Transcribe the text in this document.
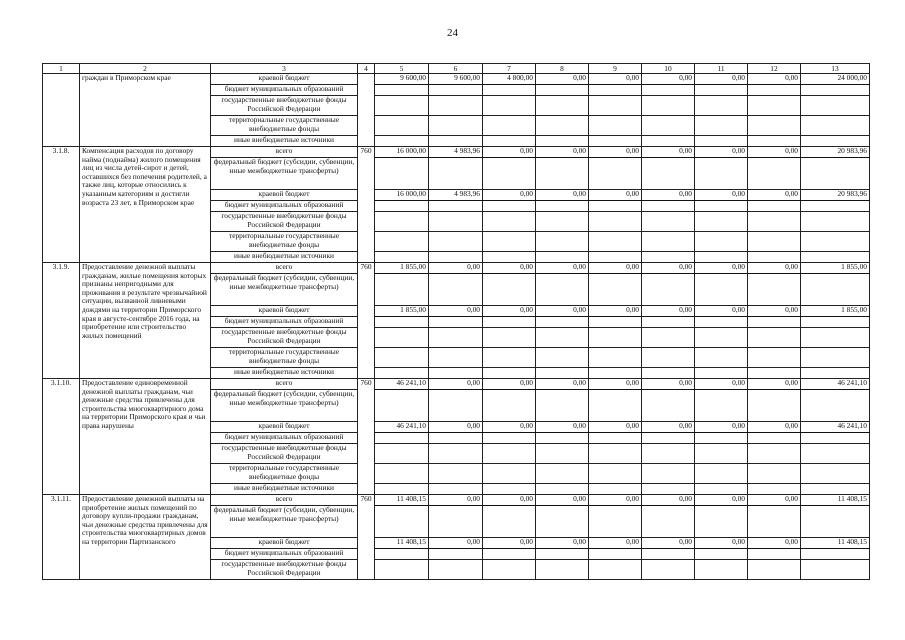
24
1	2	3	4	5	6	7	8	9	10	11	12	13
	граждан в Приморском крае	краевой бюджет		9 600,00	9 600,00	4 800,00	0,00	0,00	0,00	0,00	0,00	24 000,00
		бюджет муниципальных образований										
		государственные внебюджетные фонды Российской Федерации										
		территориальные государственные внебюджетные фонды										
		иные внебюджетные источники										
3.1.8.	Компенсация расходов по договору найма (поднайма) жилого помещения лиц из числа детей-сирот и детей, оставшихся без попечения родителей, а также лиц, которые относились к указанным категориям и достигли возраста 23 лет, в Приморском крае	всего	760	16 000,00	4 983,96	0,00	0,00	0,00	0,00	0,00	0,00	20 983,96
		федеральный бюджет (субсидии, субвенции, иные межбюджетные трансферты)										
		краевой бюджет		16 000,00	4 983,96	0,00	0,00	0,00	0,00	0,00	0,00	20 983,96
		бюджет муниципальных образований										
		государственные внебюджетные фонды Российской Федерации										
		территориальные государственные внебюджетные фонды										
		иные внебюджетные источники										
3.1.9.	Предоставление денежной выплаты гражданам, жилые помещения которых признаны непригодными для проживания в результате чрезвычайной ситуации, вызванной ливневыми дождями на территории Приморского края в августе-сентябре 2016 года, на приобретение или строительство жилых помещений	всего	760	1 855,00	0,00	0,00	0,00	0,00	0,00	0,00	0,00	1 855,00
		федеральный бюджет (субсидии, субвенции, иные межбюджетные трансферты)										
		краевой бюджет		1 855,00	0,00	0,00	0,00	0,00	0,00	0,00	0,00	1 855,00
		бюджет муниципальных образований										
		государственные внебюджетные фонды Российской Федерации										
		территориальные государственные внебюджетные фонды										
		иные внебюджетные источники										
3.1.10.	Предоставление единовременной денежной выплаты гражданам, чьи денежные средства привлечены для строительства многоквартирного дома на территории Приморского края и чьи права нарушены	всего	760	46 241,10	0,00	0,00	0,00	0,00	0,00	0,00	0,00	46 241,10
		федеральный бюджет (субсидии, субвенции, иные межбюджетные трансферты)										
		краевой бюджет		46 241,10	0,00	0,00	0,00	0,00	0,00	0,00	0,00	46 241,10
		бюджет муниципальных образований										
		государственные внебюджетные фонды Российской Федерации										
		территориальные государственные внебюджетные фонды										
		иные внебюджетные источники										
3.1.11.	Предоставление денежной выплаты на приобретение жилых помещений по договору купли-продажи гражданам, чьи денежные средства привлечены для строительства многоквартирных домов на территории Партизанского	всего	760	11 408,15	0,00	0,00	0,00	0,00	0,00	0,00	0,00	11 408,15
		федеральный бюджет (субсидии, субвенции, иные межбюджетные трансферты)										
		краевой бюджет		11 408,15	0,00	0,00	0,00	0,00	0,00	0,00	0,00	11 408,15
		бюджет муниципальных образований										
		государственные внебюджетные фонды Российской Федерации										
